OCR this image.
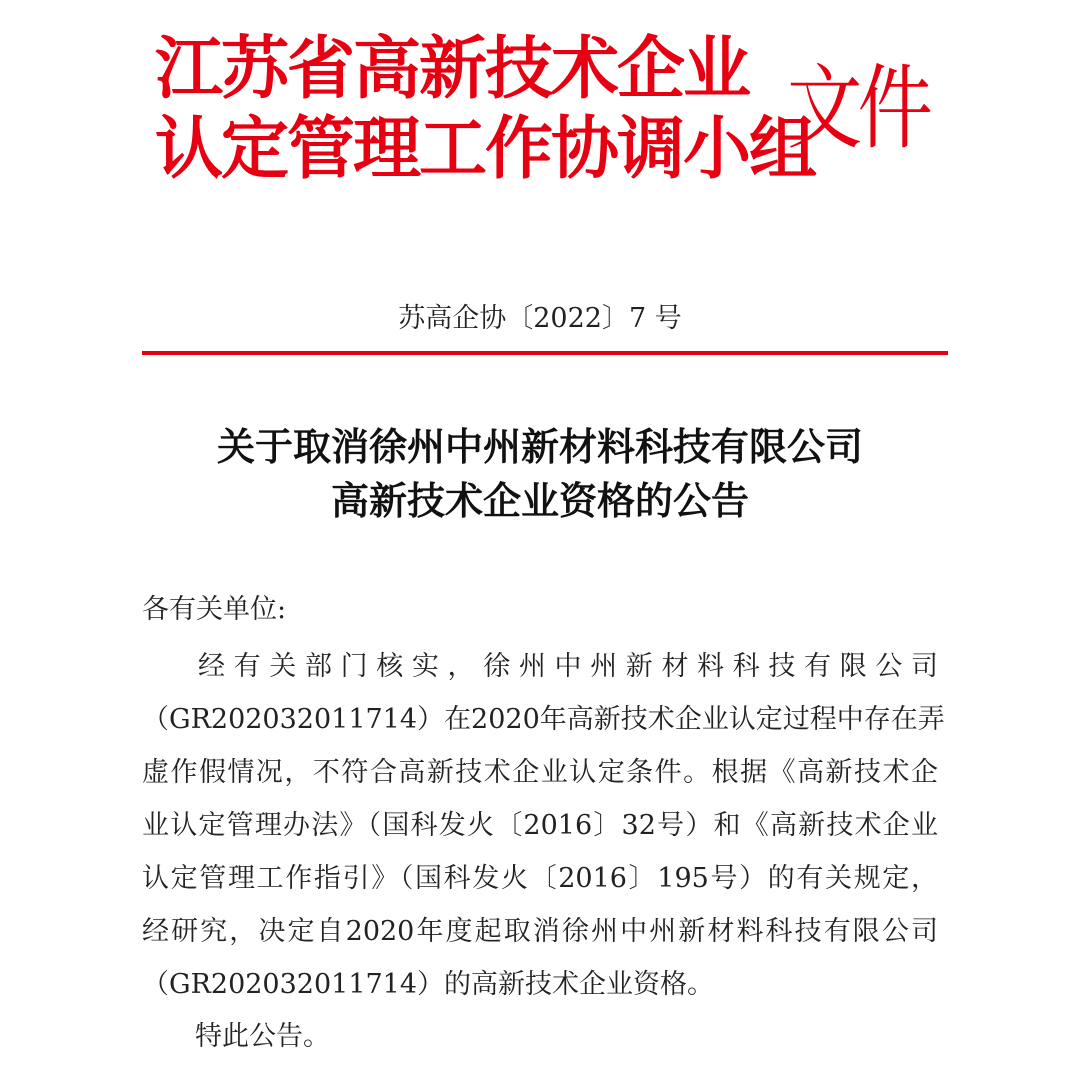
江苏省高新技术企业
认定管理工作协调小组
文件
苏高企协〔2022〕7 号
关于取消徐州中州新材料科技有限公司
高新技术企业资格的公告
各有关单位:
经有关部门核实，徐州中州新材料科技有限公司
（GR202032011714）在2020年高新技术企业认定过程中存在弄
虚作假情况，不符合高新技术企业认定条件。根据《高新技术企
业认定管理办法》（国科发火〔2016〕32号）和《高新技术企业
认定管理工作指引》（国科发火〔2016〕195号）的有关规定，
经研究，决定自2020年度起取消徐州中州新材料科技有限公司
（GR202032011714）的高新技术企业资格。
特此公告。
